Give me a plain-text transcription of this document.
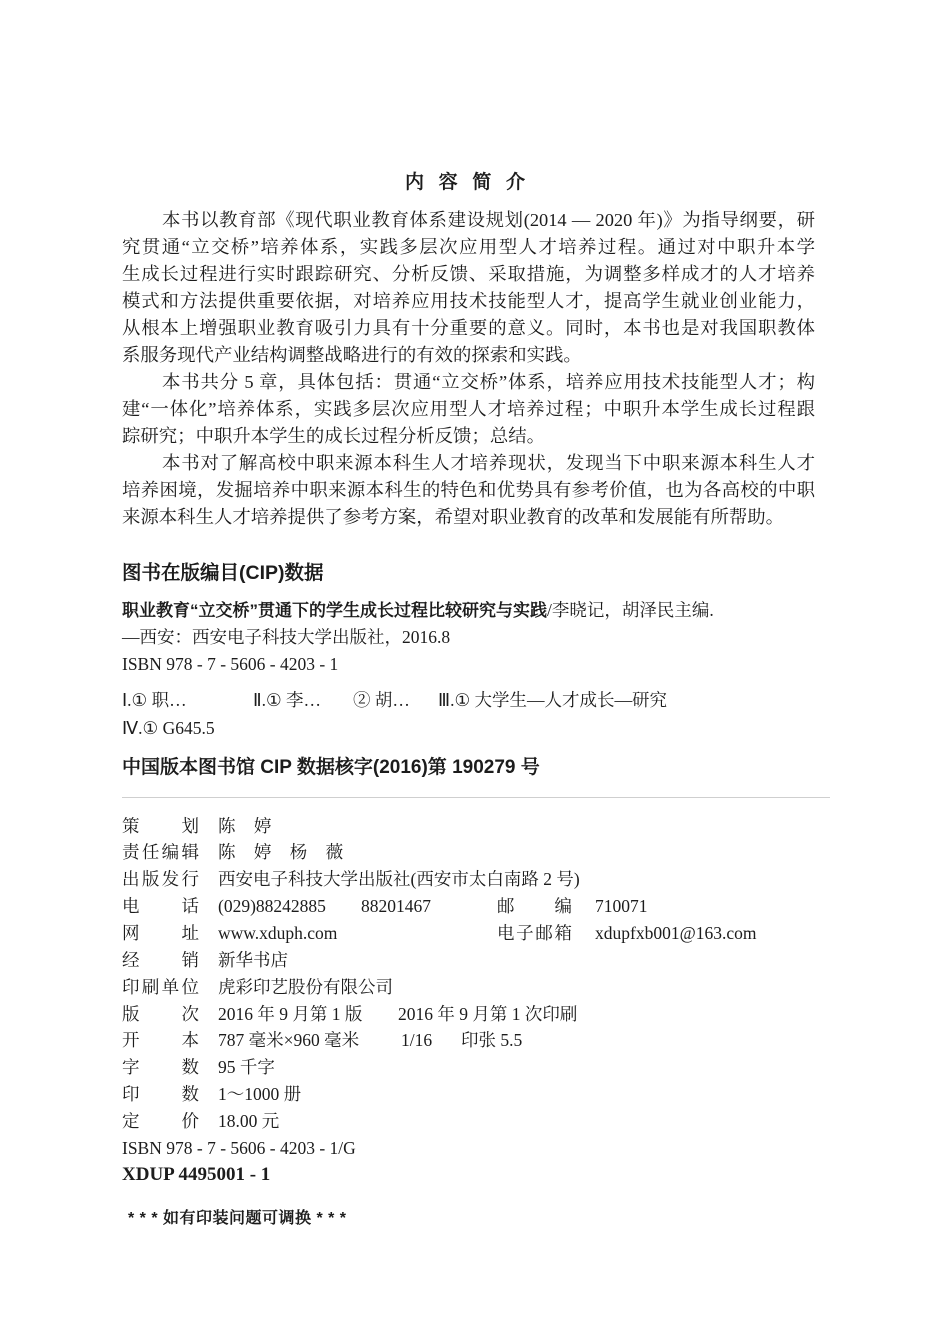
内 容 简 介
本书以教育部《现代职业教育体系建设规划(2014 — 2020 年)》为指导纲要，研
究贯通“立交桥”培养体系，实践多层次应用型人才培养过程。通过对中职升本学
生成长过程进行实时跟踪研究、分析反馈、采取措施，为调整多样成才的人才培养
模式和方法提供重要依据，对培养应用技术技能型人才，提高学生就业创业能力，
从根本上增强职业教育吸引力具有十分重要的意义。同时，本书也是对我国职教体
系服务现代产业结构调整战略进行的有效的探索和实践。
本书共分 5 章，具体包括：贯通“立交桥”体系，培养应用技术技能型人才；构
建“一体化”培养体系，实践多层次应用型人才培养过程；中职升本学生成长过程跟
踪研究；中职升本学生的成长过程分析反馈；总结。
本书对了解高校中职来源本科生人才培养现状，发现当下中职来源本科生人才
培养困境，发掘培养中职来源本科生的特色和优势具有参考价值，也为各高校的中职
来源本科生人才培养提供了参考方案，希望对职业教育的改革和发展能有所帮助。
图书在版编目(CIP)数据
职业教育“立交桥”贯通下的学生成长过程比较研究与实践/李晓记，胡泽民主编.
—西安：西安电子科技大学出版社，2016.8
ISBN 978 - 7 - 5606 - 4203 - 1
Ⅰ.① 职…	Ⅱ.① 李… ② 胡… Ⅲ.① 大学生—人才成长—研究
Ⅳ.① G645.5
中国版本图书馆 CIP 数据核字(2016)第 190279 号
策 划 陈 婷
责任编辑 陈 婷 杨 薇
出版发行 西安电子科技大学出版社(西安市太白南路 2 号)
电 话 (029)88242885 88201467	邮 编 710071
网 址 www.xduph.com	电子邮箱 xdupfxb001@163.com
经 销 新华书店
印刷单位 虎彩印艺股份有限公司
版 次 2016 年 9 月第 1 版 2016 年 9 月第 1 次印刷
开 本 787 毫米×960 毫米 1/16 印张 5.5
字 数 95 千字
印 数 1～1000 册
定 价 18.00 元
ISBN 978 - 7 - 5606 - 4203 - 1/G
XDUP 4495001 - 1
* * * 如有印装问题可调换 * * *
